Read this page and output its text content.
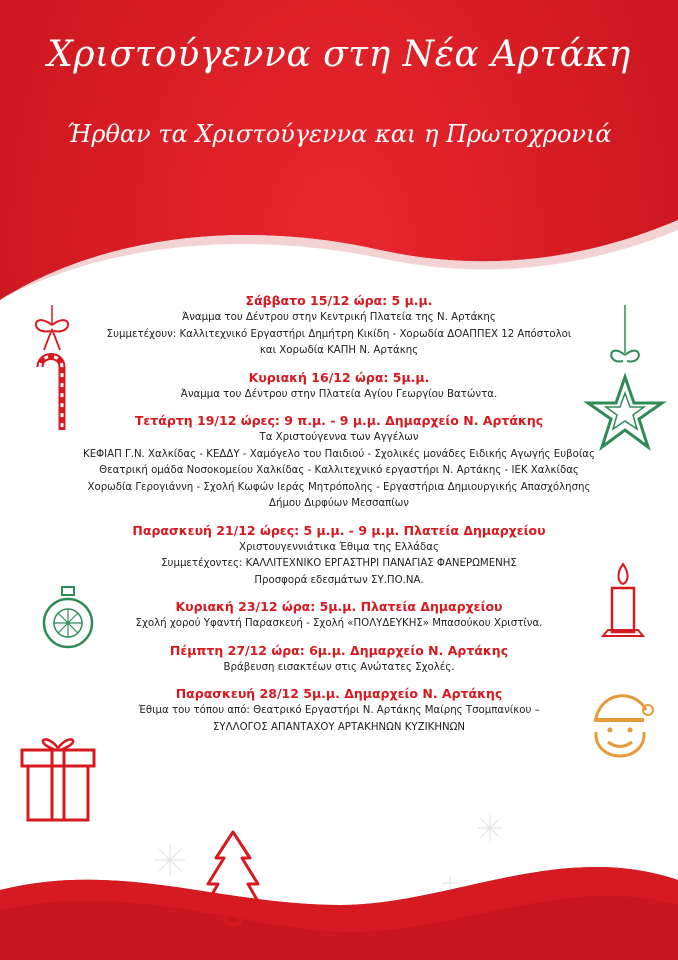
Χριστούγεννα στη Νέα Αρτάκη
Ήρθαν τα Χριστούγεννα και η Πρωτοχρονιά
Σάββατο 15/12 ώρα: 5 μ.μ.
Άναμμα του Δέντρου στην Κεντρική Πλατεία της Ν. Αρτάκης
Συμμετέχουν: Καλλιτεχνικό Εργαστήρι Δημήτρη Κικίδη - Χορωδία ΔΟΑΠΠΕΧ 12 Απόστολοι
και Χορωδία ΚΑΠΗ Ν. Αρτάκης
Κυριακή 16/12 ώρα: 5μ.μ.
Άναμμα του Δέντρου στην Πλατεία Αγίου Γεωργίου Βατώντα.
Τετάρτη 19/12 ώρες: 9 π.μ. - 9 μ.μ. Δημαρχείο Ν. Αρτάκης
Τα Χριστούγεννα των Αγγέλων
ΚΕΦΙΑΠ Γ.Ν. Χαλκίδας - ΚΕΔΔΥ - Χαμόγελο του Παιδιού - Σχολικές μονάδες Ειδικής Αγωγής Ευβοίας
Θεατρική ομάδα Νοσοκομείου Χαλκίδας - Καλλιτεχνικό εργαστήρι Ν. Αρτάκης - ΙΕΚ Χαλκίδας
Χορωδία Γερογιάννη - Σχολή Κωφών Ιεράς Μητρόπολης - Εργαστήρια Δημιουργικής Απασχόλησης
Δήμου Διρφύων Μεσσαπίων
Παρασκευή 21/12 ώρες: 5 μ.μ. - 9 μ.μ. Πλατεία Δημαρχείου
Χριστουγεννιάτικα Έθιμα της Ελλάδας
Συμμετέχοντες: ΚΑΛΛΙΤΕΧΝΙΚΟ ΕΡΓΑΣΤΗΡΙ ΠΑΝΑΓΙΑΣ ΦΑΝΕΡΩΜΕΝΗΣ
Προσφορά εδεσμάτων ΣΥ.ΠΟ.ΝΑ.
Κυριακή 23/12 ώρα: 5μ.μ. Πλατεία Δημαρχείου
Σχολή χορού Υφαντή Παρασκευή - Σχολή «ΠΟΛΥΔΕΥΚΗΣ» Μπασούκου Χριστίνα.
Πέμπτη 27/12 ώρα: 6μ.μ. Δημαρχείο Ν. Αρτάκης
Βράβευση εισακτέων στις Ανώτατες Σχολές.
Παρασκευή 28/12 5μ.μ. Δημαρχείο Ν. Αρτάκης
Έθιμα του τόπου από: Θεατρικό Εργαστήρι Ν. Αρτάκης Μαίρης Τσομπανίκου –
ΣΥΛΛΟΓΟΣ ΑΠΑΝΤΑΧΟΥ ΑΡΤΑΚΗΝΩΝ ΚΥΖΙΚΗΝΩΝ
